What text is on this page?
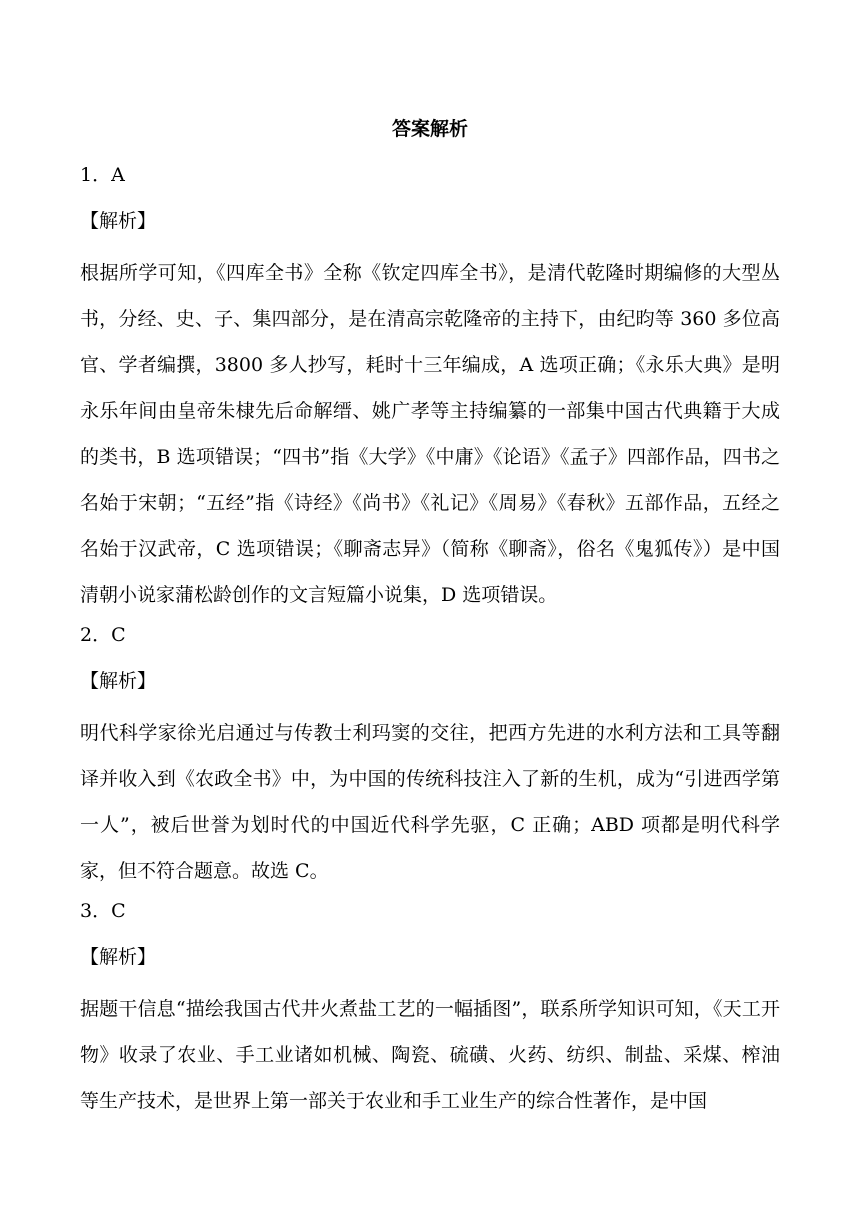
答案解析
1．A
【解析】

根据所学可知，《四库全书》全称《钦定四库全书》，是清代乾隆时期编修的大型丛书，分经、史、子、集四部分，是在清高宗乾隆帝的主持下，由纪昀等 360 多位高官、学者编撰，3800 多人抄写，耗时十三年编成，A 选项正确；《永乐大典》是明永乐年间由皇帝朱棣先后命解缙、姚广孝等主持编纂的一部集中国古代典籍于大成的类书，B 选项错误；“四书”指《大学》《中庸》《论语》《孟子》四部作品，四书之名始于宋朝；“五经”指《诗经》《尚书》《礼记》《周易》《春秋》五部作品，五经之名始于汉武帝，C 选项错误；《聊斋志异》（简称《聊斋》，俗名《鬼狐传》）是中国清朝小说家蒲松龄创作的文言短篇小说集，D 选项错误。

2．C
【解析】

明代科学家徐光启通过与传教士利玛窦的交往，把西方先进的水利方法和工具等翻译并收入到《农政全书》中，为中国的传统科技注入了新的生机，成为“引进西学第一人”，被后世誉为划时代的中国近代科学先驱，C 正确；ABD 项都是明代科学家，但不符合题意。故选 C。

3．C
【解析】

据题干信息“描绘我国古代井火煮盐工艺的一幅插图”，联系所学知识可知，《天工开物》收录了农业、手工业诸如机械、陶瓷、硫磺、火药、纺织、制盐、采煤、榨油等生产技术，是世界上第一部关于农业和手工业生产的综合性著作，是中国
